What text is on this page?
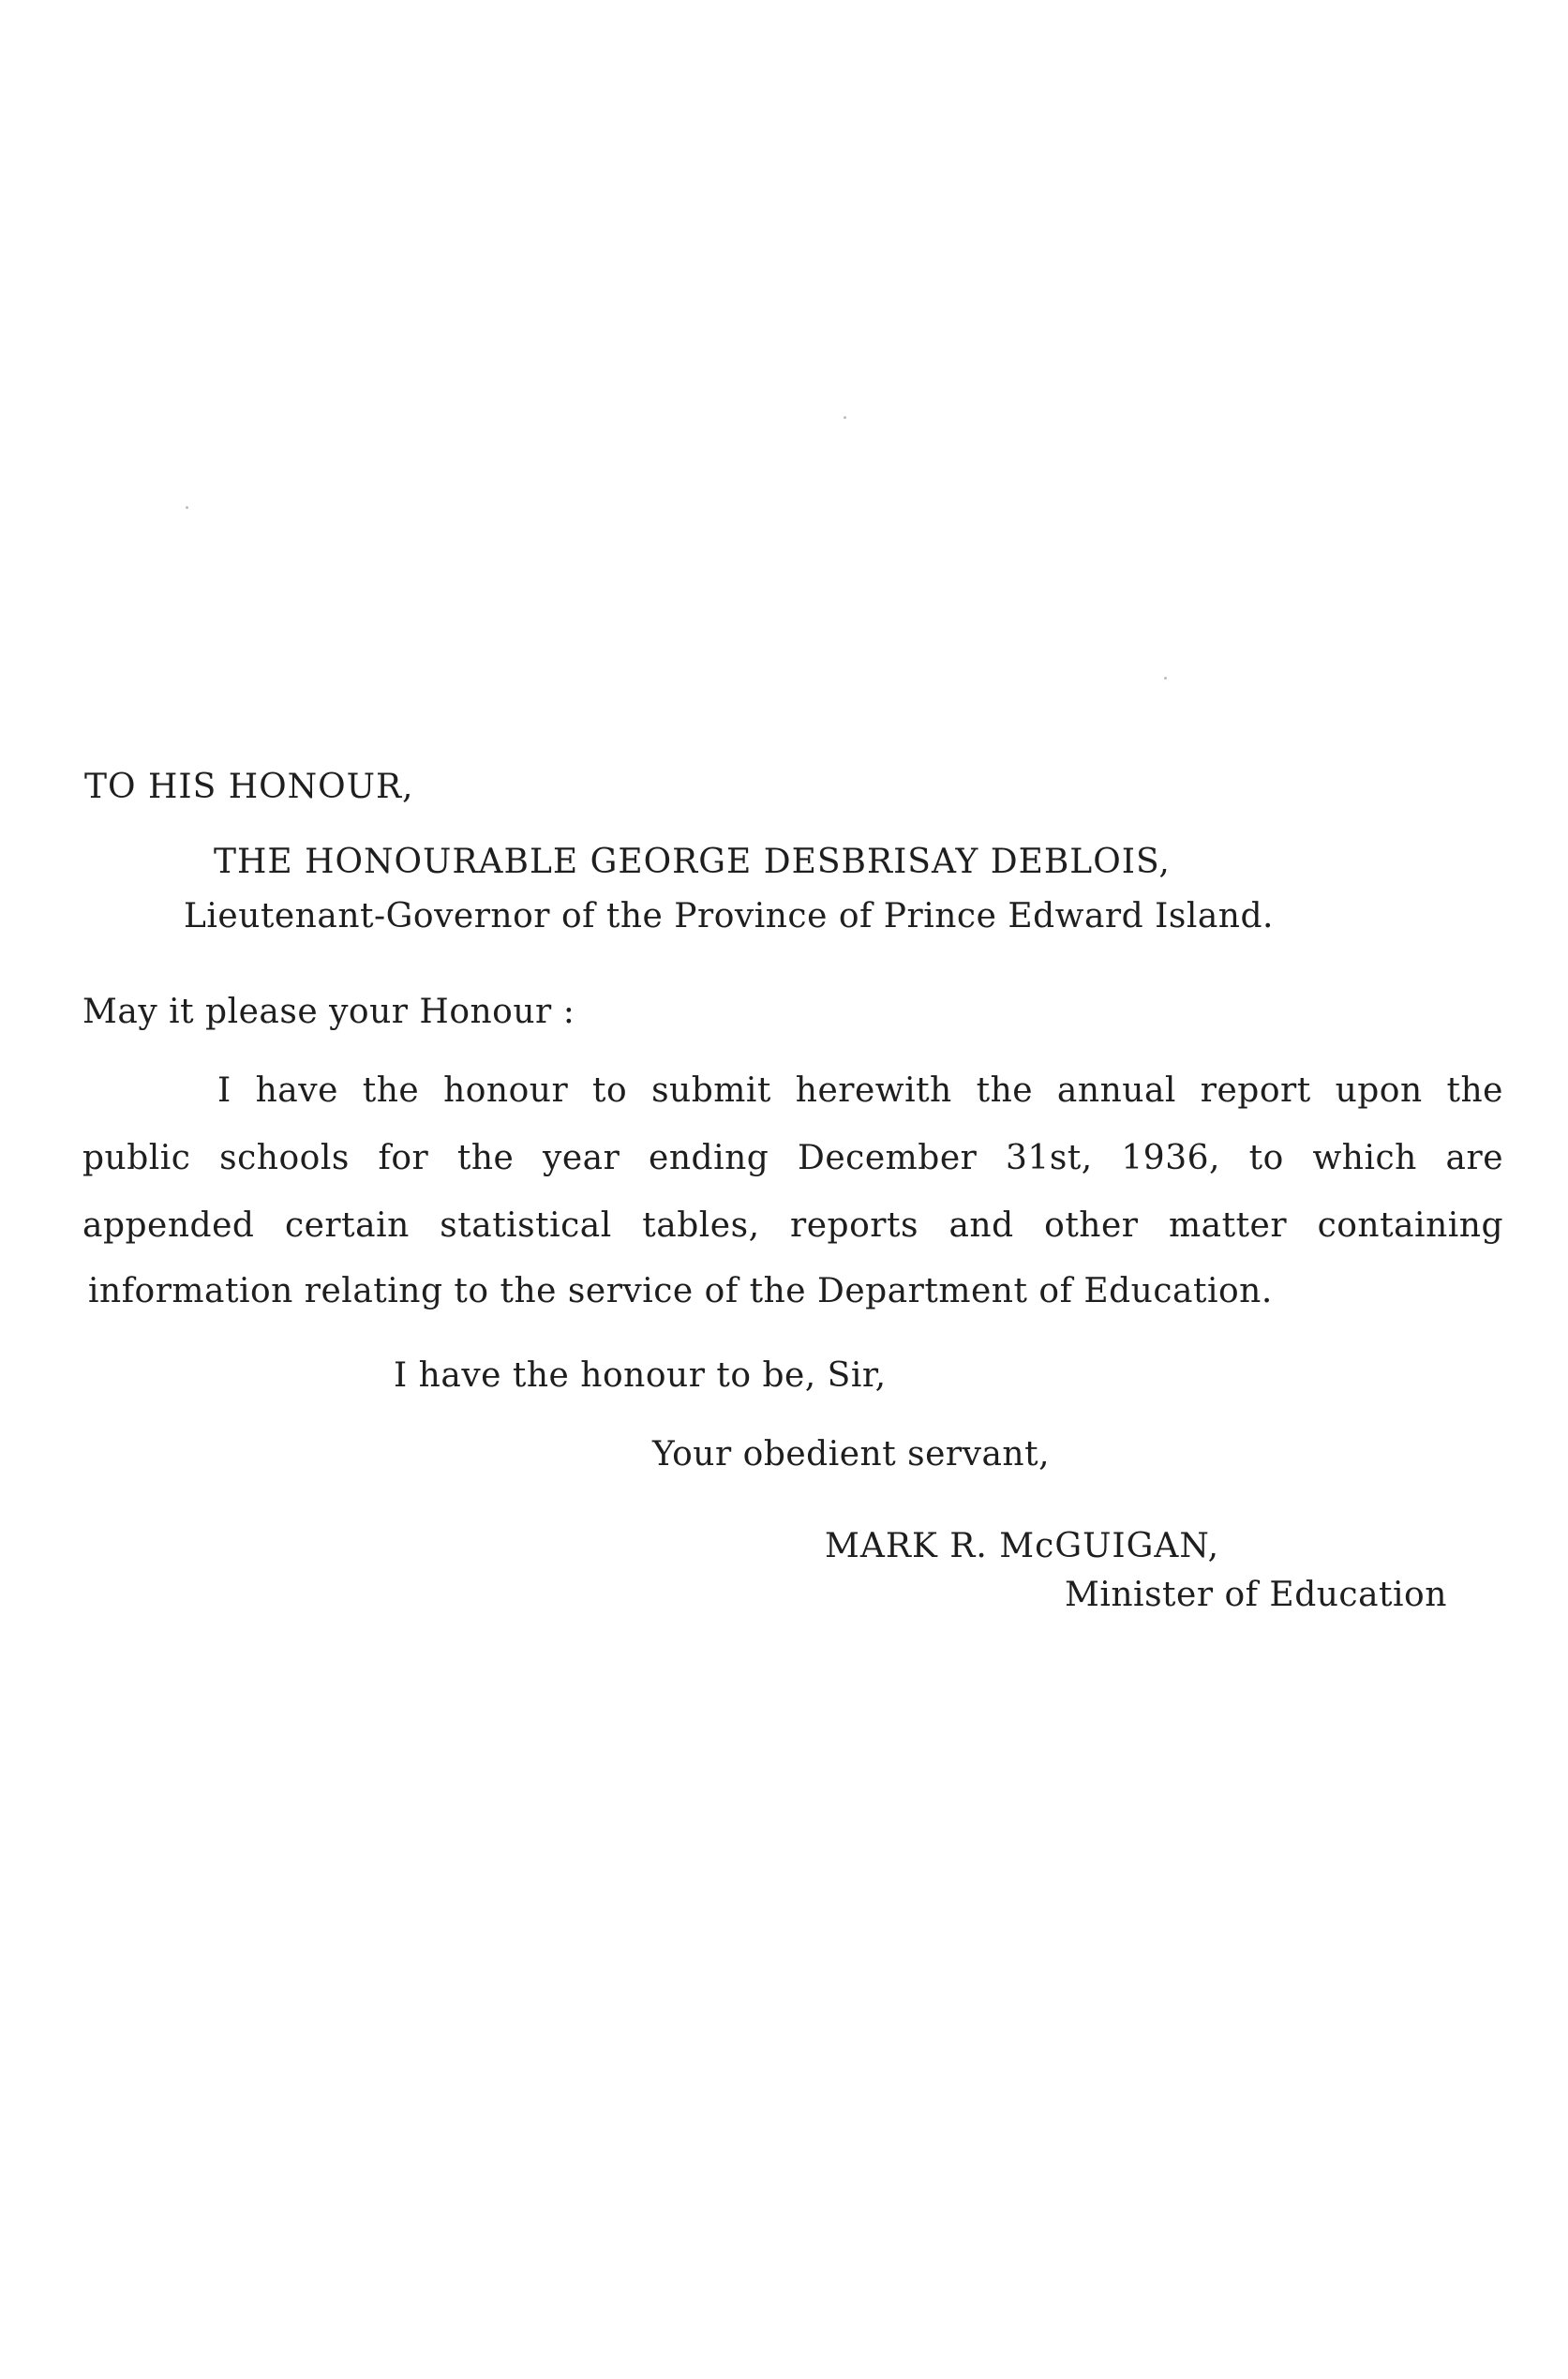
TO HIS HONOUR,
THE HONOURABLE GEORGE DESBRISAY DEBLOIS,
Lieutenant-Governor of the Province of Prince Edward Island.
May it please your Honour :
I have the honour to submit herewith the annual report upon the
public schools for the year ending December 31st, 1936, to which are
appended certain statistical tables, reports and other matter containing
information relating to the service of the Department of Education.
I have the honour to be, Sir,
Your obedient servant,
MARK R. McGUIGAN,
Minister of Education
